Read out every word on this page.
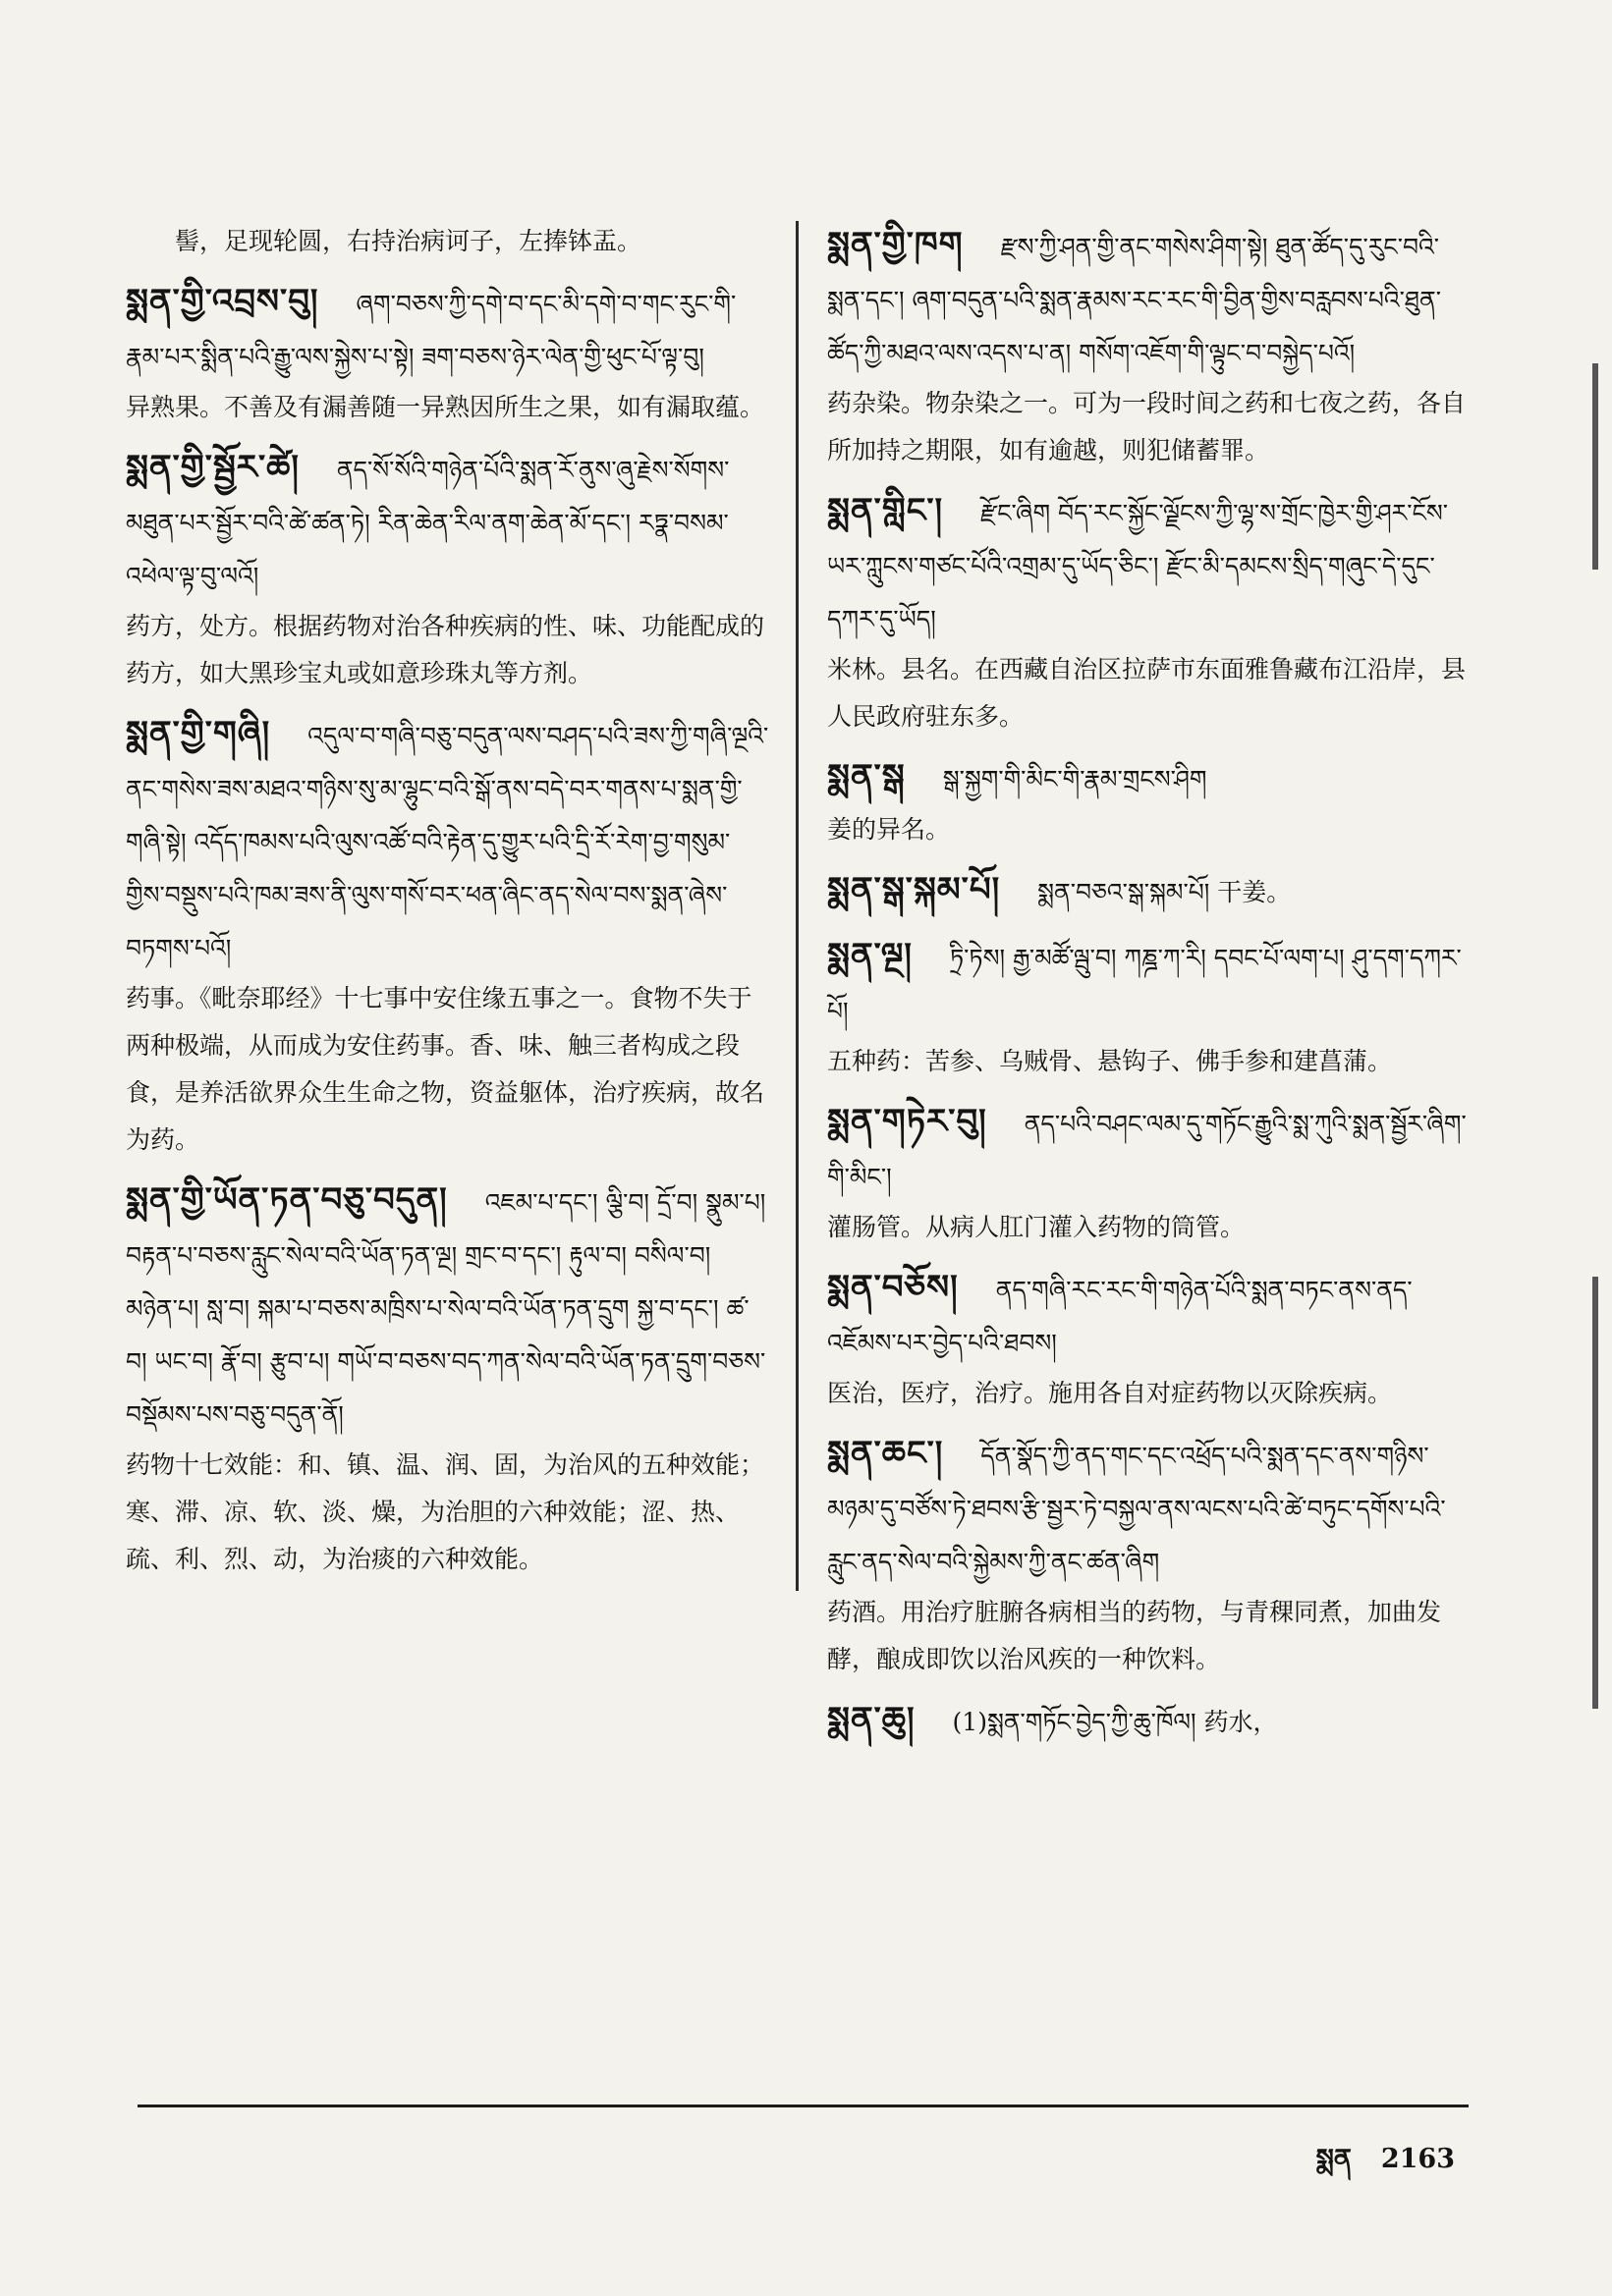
髻，足现轮圆，右持治病诃子，左捧钵盂。
སྨན་གྱི་འབྲས་བུ། ཞག་བཅས་ཀྱི་དགེ་བ་དང་མི་དགེ་བ་གང་རུང་གི་རྣམ་པར་སྨིན་པའི་རྒྱུ་ལས་སྐྱེས་པ་སྟེ། ཟག་བཅས་ཉེར་ལེན་གྱི་ཕུང་པོ་ལྟ་བུ།
异熟果。不善及有漏善随一异熟因所生之果，如有漏取蕴。
སྨན་གྱི་སྦྱོར་ཚེ། ནད་སོ་སོའི་གཉེན་པོའི་སྨན་རོ་ནུས་ཞུ་རྗེས་སོགས་མཐུན་པར་སྦྱོར་བའི་ཚེ་ཚན་ཏེ། རིན་ཆེན་རིལ་ནག་ཆེན་མོ་དང་། རཏྣ་བསམ་འཕེལ་ལྟ་བུ་ལའོ།
药方，处方。根据药物对治各种疾病的性、味、功能配成的药方，如大黑珍宝丸或如意珍珠丸等方剂。
སྨན་གྱི་གཞི། འདུལ་བ་གཞི་བཅུ་བདུན་ལས་བཤད་པའི་ཟས་ཀྱི་གཞི་ལྔའི་ནང་གསེས་ཟས་མཐའ་གཉིས་སུ་མ་ལྷུང་བའི་སྒོ་ནས་བདེ་བར་གནས་པ་སྨན་གྱི་གཞི་སྟེ། འདོད་ཁམས་པའི་ལུས་འཚོ་བའི་རྟེན་དུ་གྱུར་པའི་དྲི་རོ་རེག་བྱ་གསུམ་གྱིས་བསྡུས་པའི་ཁམ་ཟས་ནི་ལུས་གསོ་བར་ཕན་ཞིང་ནད་སེལ་བས་སྨན་ཞེས་བཏགས་པའོ།
药事。《毗奈耶经》十七事中安住缘五事之一。食物不失于两种极端，从而成为安住药事。香、味、触三者构成之段食，是养活欲界众生生命之物，资益躯体，治疗疾病，故名为药。
སྨན་གྱི་ཡོན་ཏན་བཅུ་བདུན། འཇམ་པ་དང་། ལྕི་བ། དྲོ་བ། སྣུམ་པ། བརྟན་པ་བཅས་རླུང་སེལ་བའི་ཡོན་ཏན་ལྔ། གྲང་བ་དང་། རྟུལ་བ། བསིལ་བ། མཉེན་པ། སླ་བ། སྐམ་པ་བཅས་མཁྲིས་པ་སེལ་བའི་ཡོན་ཏན་དྲུག སྐྱ་བ་དང་། ཚ་བ། ཡང་བ། རྣོ་བ། རྩུབ་པ། གཡོ་བ་བཅས་བད་ཀན་སེལ་བའི་ཡོན་ཏན་དྲུག་བཅས་བསྡོམས་པས་བཅུ་བདུན་ནོ།
药物十七效能：和、镇、温、润、固，为治风的五种效能；寒、滞、凉、软、淡、燥，为治胆的六种效能；涩、热、疏、利、烈、动，为治痰的六种效能。
སྨན་གྱི་ཁག རྫས་ཀྱི་ཤན་གྱི་ནང་གསེས་ཤིག་སྟེ། ཐུན་ཚོད་དུ་རུང་བའི་སྨན་དང་། ཞག་བདུན་པའི་སྨན་རྣམས་རང་རང་གི་བྱིན་གྱིས་བརླབས་པའི་ཐུན་ཚོད་ཀྱི་མཐའ་ལས་འདས་པ་ན། གསོག་འཇོག་གི་ལྟུང་བ་བསྐྱེད་པའོ།
药杂染。物杂染之一。可为一段时间之药和七夜之药，各自所加持之期限，如有逾越，则犯储蓄罪。
སྨན་གླིང་། རྫོང་ཞིག བོད་རང་སྐྱོང་ལྗོངས་ཀྱི་ལྷ་ས་གྲོང་ཁྱེར་གྱི་ཤར་ངོས་ཡར་ཀླུངས་གཙང་པོའི་འགྲམ་དུ་ཡོད་ཅིང་། རྫོང་མི་དམངས་སྲིད་གཞུང་དེ་དུང་དཀར་དུ་ཡོད།
米林。县名。在西藏自治区拉萨市东面雅鲁藏布江沿岸，县人民政府驻东多。
སྨན་སྒ སྒ་སྐྱག་གི་མིང་གི་རྣམ་གྲངས་ཤིག
姜的异名。
སྨན་སྒ་སྐམ་པོ། སྨན་བཅའ་སྒ་སྐམ་པོ། 干姜。
སྨན་ལྔ། ཏྲི་ཏེས། རྒྱ་མཚོ་ལྦུ་བ། ཀཎྜ་ཀ་རི། དབང་པོ་ལག་པ། ཤུ་དག་དཀར་པོ།
五种药：苦参、乌贼骨、悬钩子、佛手参和建菖蒲。
སྨན་གཏེར་བུ། ནད་པའི་བཤང་ལམ་དུ་གཏོང་རྒྱུའི་སྨ་ཀུའི་སྨན་སྦྱོར་ཞིག་གི་མིང་།
灌肠管。从病人肛门灌入药物的筒管。
སྨན་བཅོས། ནད་གཞི་རང་རང་གི་གཉེན་པོའི་སྨན་བཏང་ནས་ནད་འཇོམས་པར་བྱེད་པའི་ཐབས།
医治，医疗，治疗。施用各自对症药物以灭除疾病。
སྨན་ཆང་། དོན་སྣོད་ཀྱི་ནད་གང་དང་འཕྲོད་པའི་སྨན་དང་ནས་གཉིས་མཉམ་དུ་བཙོས་ཏེ་ཐབས་རྩི་སྦྱར་ཏེ་བསྐྱལ་ནས་ལངས་པའི་ཚེ་བཏུང་དགོས་པའི་རླུང་ནད་སེལ་བའི་སྐྱེམས་ཀྱི་ནང་ཚན་ཞིག
药酒。用治疗脏腑各病相当的药物，与青稞同煮，加曲发酵，酿成即饮以治风疾的一种饮料。
སྨན་ཆུ། (1)སྨན་གཏོང་བྱེད་ཀྱི་ཆུ་ཁོལ། 药水，
སྨན 2163
